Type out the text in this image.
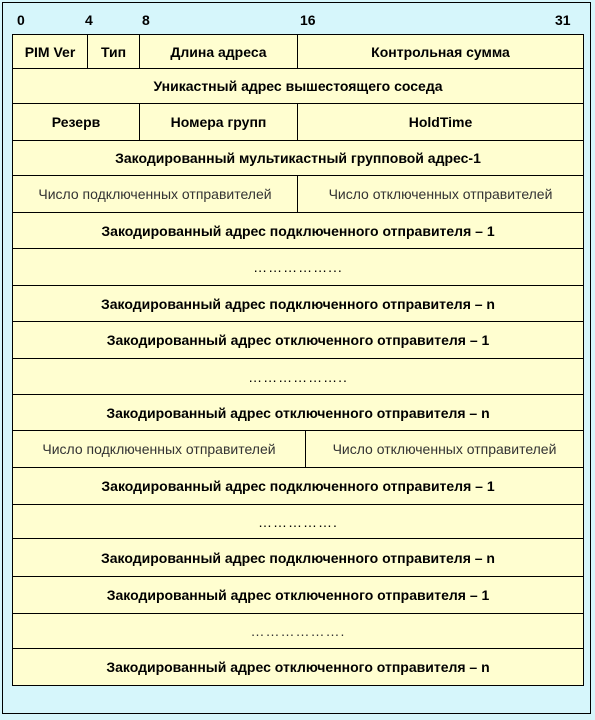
0	4	8	16	31
PIM Ver	Тип	Длина адреса	Контрольная сумма
Уникастный адрес вышестоящего соседа
Резерв	Номера групп	HoldTime
Закодированный мультикастный групповой адрес-1
Число подключенных отправителей	Число отключенных отправителей
Закодированный адрес подключенного отправителя – 1
……………...
Закодированный адрес подключенного отправителя – n
Закодированный адрес отключенного отправителя – 1
………………..
Закодированный адрес отключенного отправителя – n
Число подключенных отправителей	Число отключенных отправителей
Закодированный адрес подключенного отправителя – 1
…………….
Закодированный адрес подключенного отправителя – n
Закодированный адрес отключенного отправителя – 1
……………….
Закодированный адрес отключенного отправителя – n
